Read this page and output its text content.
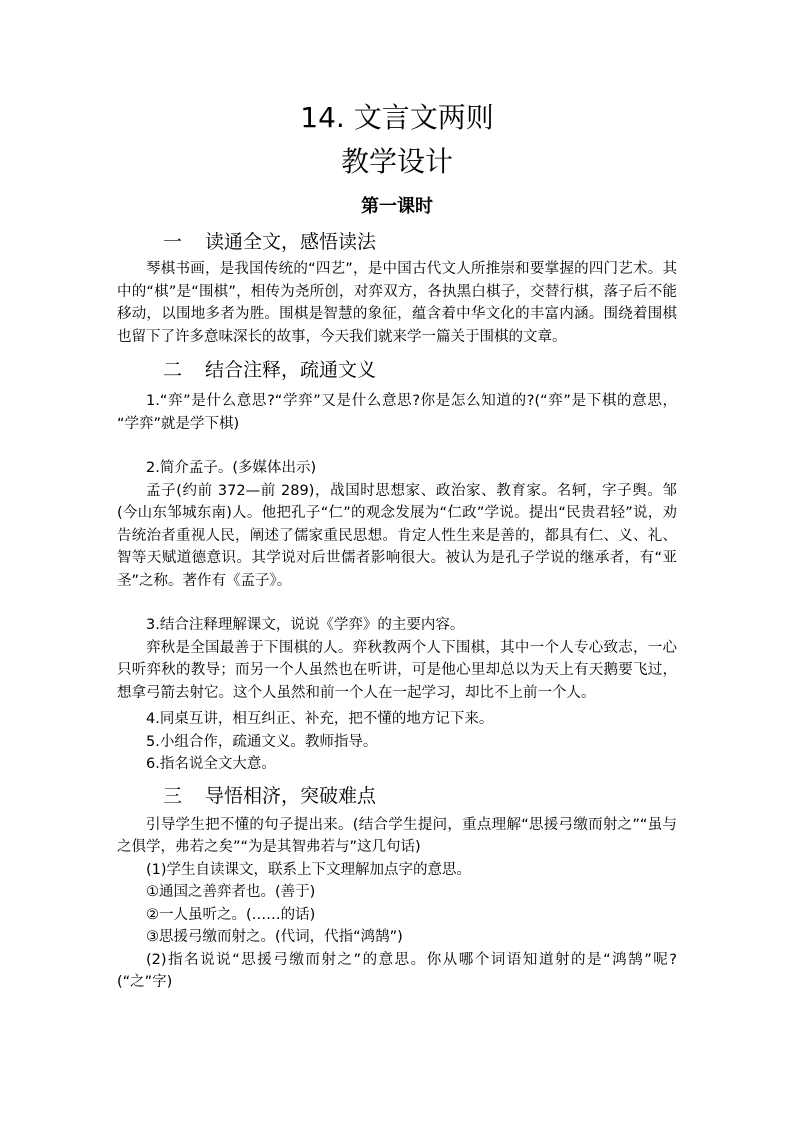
14. 文言文两则
教学设计
第一课时
一 读通全文，感悟读法

琴棋书画，是我国传统的“四艺”，是中国古代文人所推崇和要掌握的四门艺术。其中的“棋”是“围棋”，相传为尧所创，对弈双方，各执黑白棋子，交替行棋，落子后不能移动，以围地多者为胜。围棋是智慧的象征，蕴含着中华文化的丰富内涵。围绕着围棋也留下了许多意味深长的故事，今天我们就来学一篇关于围棋的文章。

二 结合注释，疏通文义

1.“弈”是什么意思?“学弈”又是什么意思?你是怎么知道的?(“弈”是下棋的意思， “学弈”就是学下棋)

2.简介孟子。(多媒体出示)

孟子(约前 372—前 289)，战国时思想家、政治家、教育家。名轲，字子舆。邹(今山东邹城东南)人。他把孔子“仁”的观念发展为“仁政”学说。提出“民贵君轻”说，劝告统治者重视人民，阐述了儒家重民思想。肯定人性生来是善的，都具有仁、义、礼、智等天赋道德意识。其学说对后世儒者影响很大。被认为是孔子学说的继承者，有“亚圣”之称。著作有《孟子》。

3.结合注释理解课文，说说《学弈》的主要内容。

弈秋是全国最善于下围棋的人。弈秋教两个人下围棋，其中一个人专心致志，一心只听弈秋的教导；而另一个人虽然也在听讲，可是他心里却总以为天上有天鹅要飞过，想拿弓箭去射它。这个人虽然和前一个人在一起学习，却比不上前一个人。

4.同桌互讲，相互纠正、补充，把不懂的地方记下来。

5.小组合作，疏通文义。教师指导。

6.指名说全文大意。

三 导悟相济，突破难点

引导学生把不懂的句子提出来。(结合学生提问，重点理解“思援弓缴而射之”“虽与之俱学，弗若之矣”“为是其智弗若与”这几句话)

(1)学生自读课文，联系上下文理解加点字的意思。

①通国之善弈者也。(善于)

②一人虽听之。(……的话)

③思援弓缴而射之。(代词，代指“鸿鹄”)

(2)指名说说“思援弓缴而射之”的意思。你从哪个词语知道射的是“鸿鹄”呢?(“之”字)
